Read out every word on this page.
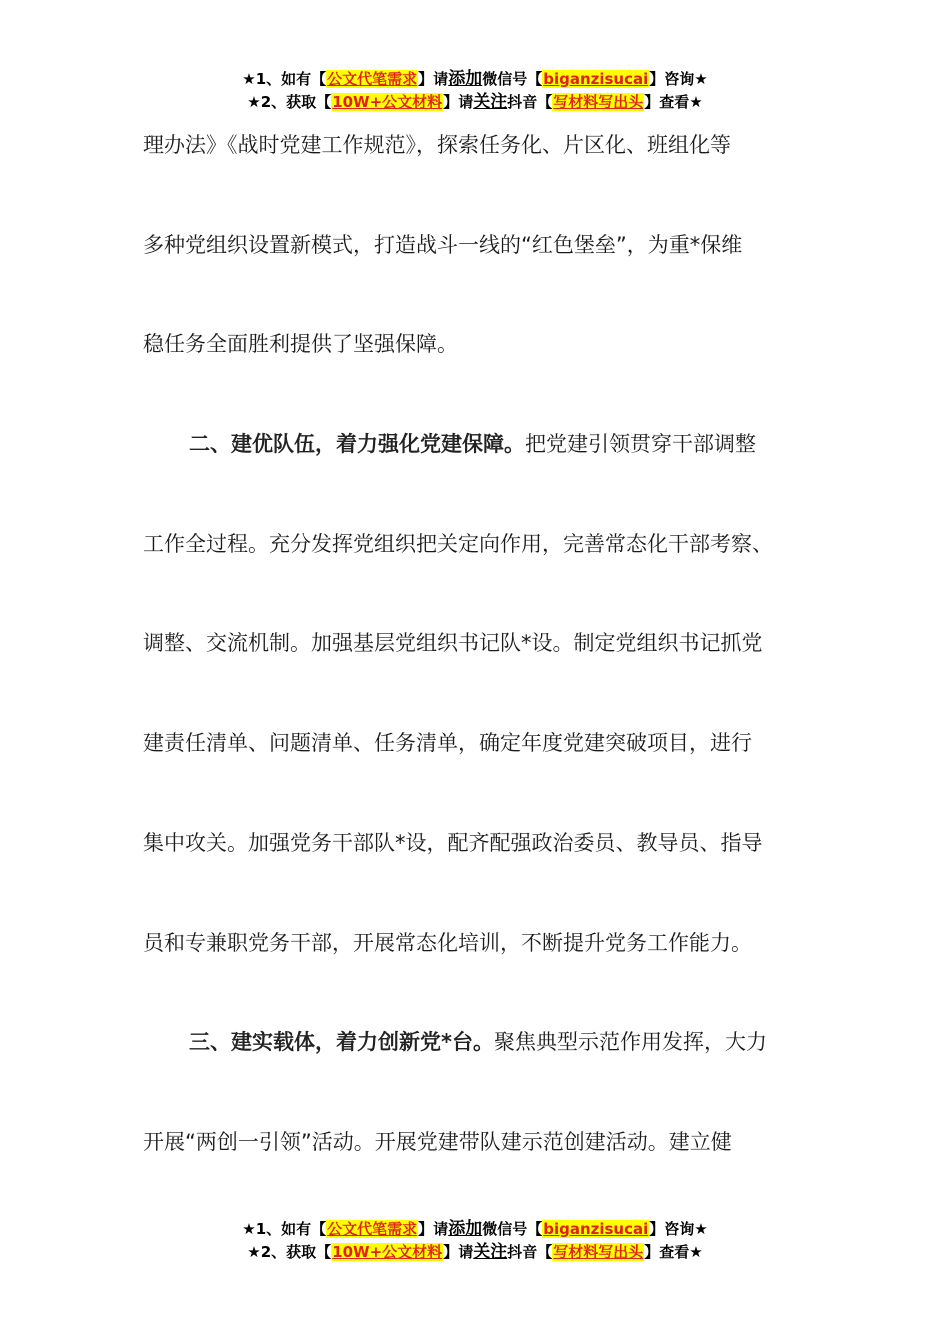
★1、如有【公文代笔需求】请添加微信号【biganzisucai】咨询★
★2、获取【10W+公文材料】请关注抖音【写材料写出头】查看★
理办法》《战时党建工作规范》，探索任务化、片区化、班组化等
多种党组织设置新模式，打造战斗一线的“红色堡垒”，为重*保维
稳任务全面胜利提供了坚强保障。
二、建优队伍，着力强化党建保障。把党建引领贯穿干部调整
工作全过程。充分发挥党组织把关定向作用，完善常态化干部考察、
调整、交流机制。加强基层党组织书记队*设。制定党组织书记抓党
建责任清单、问题清单、任务清单，确定年度党建突破项目，进行
集中攻关。加强党务干部队*设，配齐配强政治委员、教导员、指导
员和专兼职党务干部，开展常态化培训，不断提升党务工作能力。
三、建实载体，着力创新党*台。聚焦典型示范作用发挥，大力
开展“两创一引领”活动。开展党建带队建示范创建活动。建立健
★1、如有【公文代笔需求】请添加微信号【biganzisucai】咨询★
★2、获取【10W+公文材料】请关注抖音【写材料写出头】查看★
